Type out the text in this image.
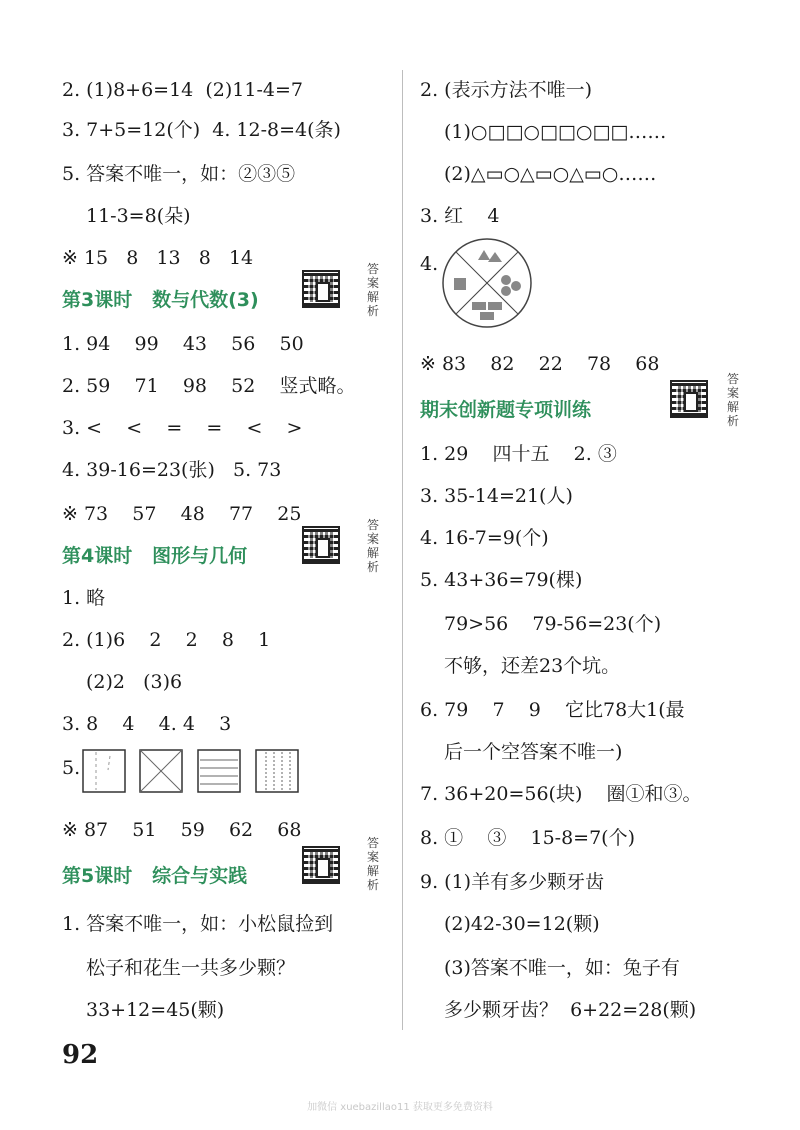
2. (1)8+6=14  (2)11-4=7
3. 7+5=12(个)  4. 12-8=4(条)
5. 答案不唯一，如：②③⑤
11-3=8(朵)
※ 15   8   13   8   14
第3课时   数与代数(3)
答案解析
1. 94    99    43    56    50
2. 59    71    98    52    竖式略。
3. <    <    =    =    <    >
4. 39-16=23(张)   5. 73
※ 73    57    48    77    25
第4课时   图形与几何
答案解析
1. 略
2. (1)6    2    2    8    1
(2)2   (3)6
3. 8    4    4. 4    3
5.
※ 87    51    59    62    68
第5课时   综合与实践
答案解析
1. 答案不唯一，如：小松鼠捡到
松子和花生一共多少颗？
33+12=45(颗)
2. (表示方法不唯一)
(1)○□□○□□○□□……
(2)△▭○△▭○△▭○……
3. 红    4
4.
※ 83    82    22    78    68
期末创新题专项训练
答案解析
1. 29    四十五    2. ③
3. 35-14=21(人)
4. 16-7=9(个)
5. 43+36=79(棵)
79>56    79-56=23(个)
不够，还差23个坑。
6. 79    7    9    它比78大1(最
后一个空答案不唯一)
7. 36+20=56(块)    圈①和③。
8. ①    ③    15-8=7(个)
9. (1)羊有多少颗牙齿
(2)42-30=12(颗)
(3)答案不唯一，如：兔子有
多少颗牙齿？  6+22=28(颗)
92
加微信 xuebazillao11 获取更多免费资料
